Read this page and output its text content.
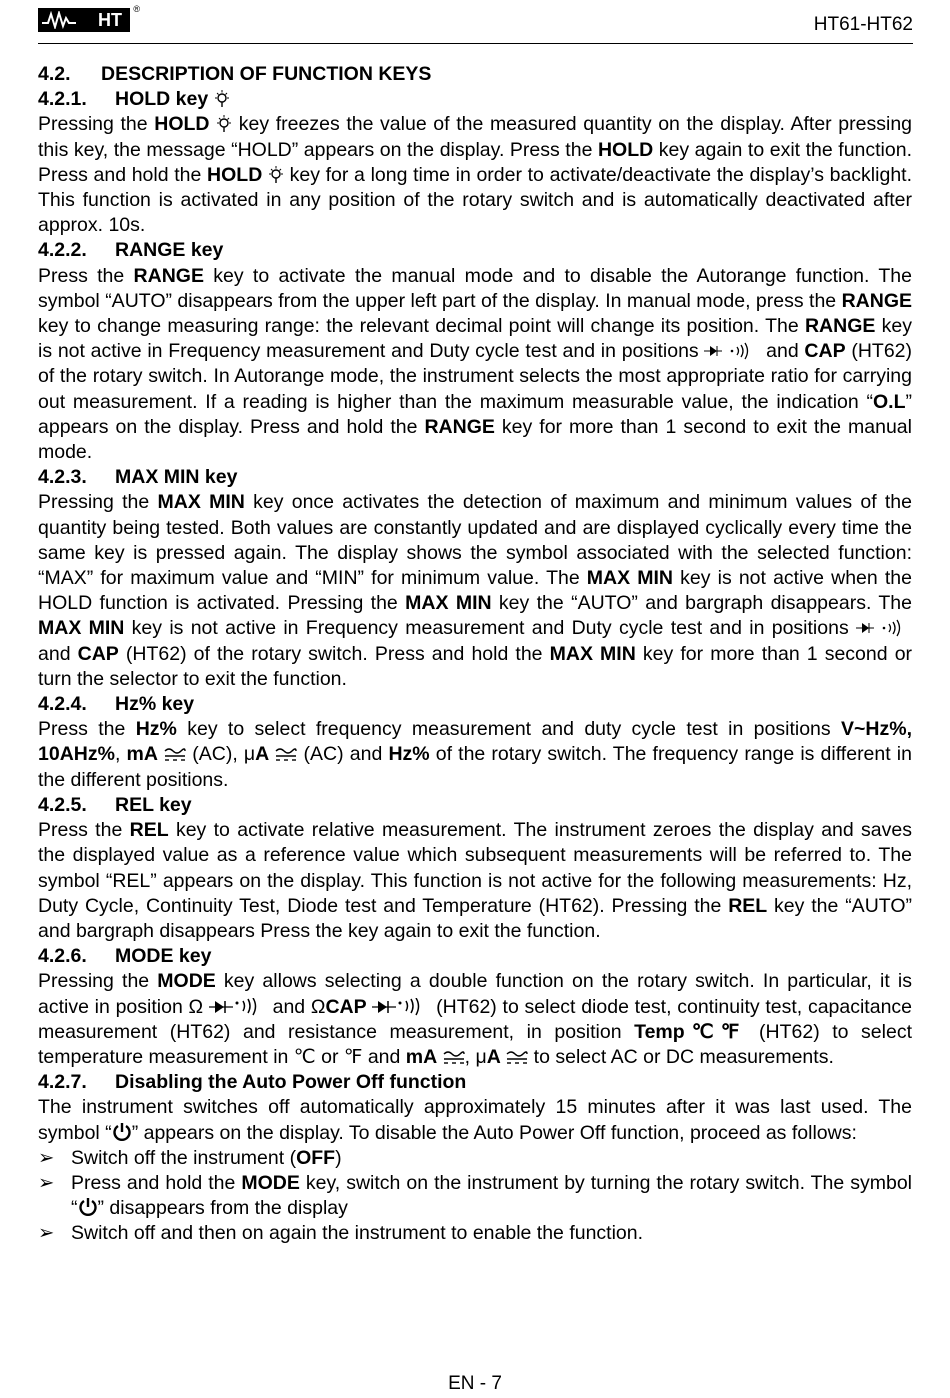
HT
®
HT61-HT62
4.2. DESCRIPTION OF FUNCTION KEYS
4.2.1. HOLD key

Pressing the HOLD  key freezes the value of the measured quantity on the display. After pressing this key, the message “HOLD” appears on the display. Press the HOLD key again to exit the function. Press and hold the HOLD  key for a long time in order to activate/deactivate the display’s backlight. This function is activated in any position of the rotary switch and is automatically deactivated after approx. 10s.

4.2.2. RANGE key

Press the RANGE key to activate the manual mode and to disable the Autorange function. The symbol “AUTO” disappears from the upper left part of the display. In manual mode, press the RANGE key to change measuring range: the relevant decimal point will change its position. The RANGE key is not active in Frequency measurement and Duty cycle test and in positions	and CAP (HT62) of the rotary switch. In Autorange mode, the instrument selects the most appropriate ratio for carrying out measurement. If a reading is higher than the maximum measurable value, the indication “O.L” appears on the display. Press and hold the RANGE key for more than 1 second to exit the manual mode.

4.2.3. MAX MIN key

Pressing the MAX MIN key once activates the detection of maximum and minimum values of the quantity being tested. Both values are constantly updated and are displayed cyclically every time the same key is pressed again. The display shows the symbol associated with the selected function: “MAX” for maximum value and “MIN” for minimum value. The MAX MIN key is not active when the HOLD function is activated. Pressing the MAX MIN key the “AUTO” and bargraph disappears. The MAX MIN key is not active in Frequency measurement and Duty cycle test and in positions  and CAP (HT62) of the rotary switch. Press and hold the MAX MIN key for more than 1 second or turn the selector to exit the function.

4.2.4. Hz% key

Press the Hz% key to select frequency measurement and duty cycle test in positions V~Hz%, 10AHz%, mA  (AC), μA  (AC) and Hz% of the rotary switch. The frequency range is different in the different positions.

4.2.5. REL key

Press the REL key to activate relative measurement. The instrument zeroes the display and saves the displayed value as a reference value which subsequent measurements will be referred to. The symbol “REL” appears on the display. This function is not active for the following measurements: Hz, Duty Cycle, Continuity Test, Diode test and Temperature (HT62). Pressing the REL key the “AUTO” and bargraph disappears Press the key again to exit the function.

4.2.6. MODE key

Pressing the MODE key allows selecting a double function on the rotary switch. In particular, it is active in position Ω	and ΩCAP	(HT62) to select diode test, continuity test, capacitance measurement (HT62) and resistance measurement, in position Temp℃℉ (HT62) to select temperature measurement in ℃ or ℉ and mA , μA  to select AC or DC measurements.

4.2.7. Disabling the Auto Power Off function

The instrument switches off automatically approximately 15 minutes after it was last used. The symbol “ ” appears on the display. To disable the Auto Power Off function, proceed as follows:

➢ Switch off the instrument (OFF)
➢ Press and hold the MODE key, switch on the instrument by turning the rotary switch. The symbol “ ” disappears from the display
➢ Switch off and then on again the instrument to enable the function.
EN - 7
